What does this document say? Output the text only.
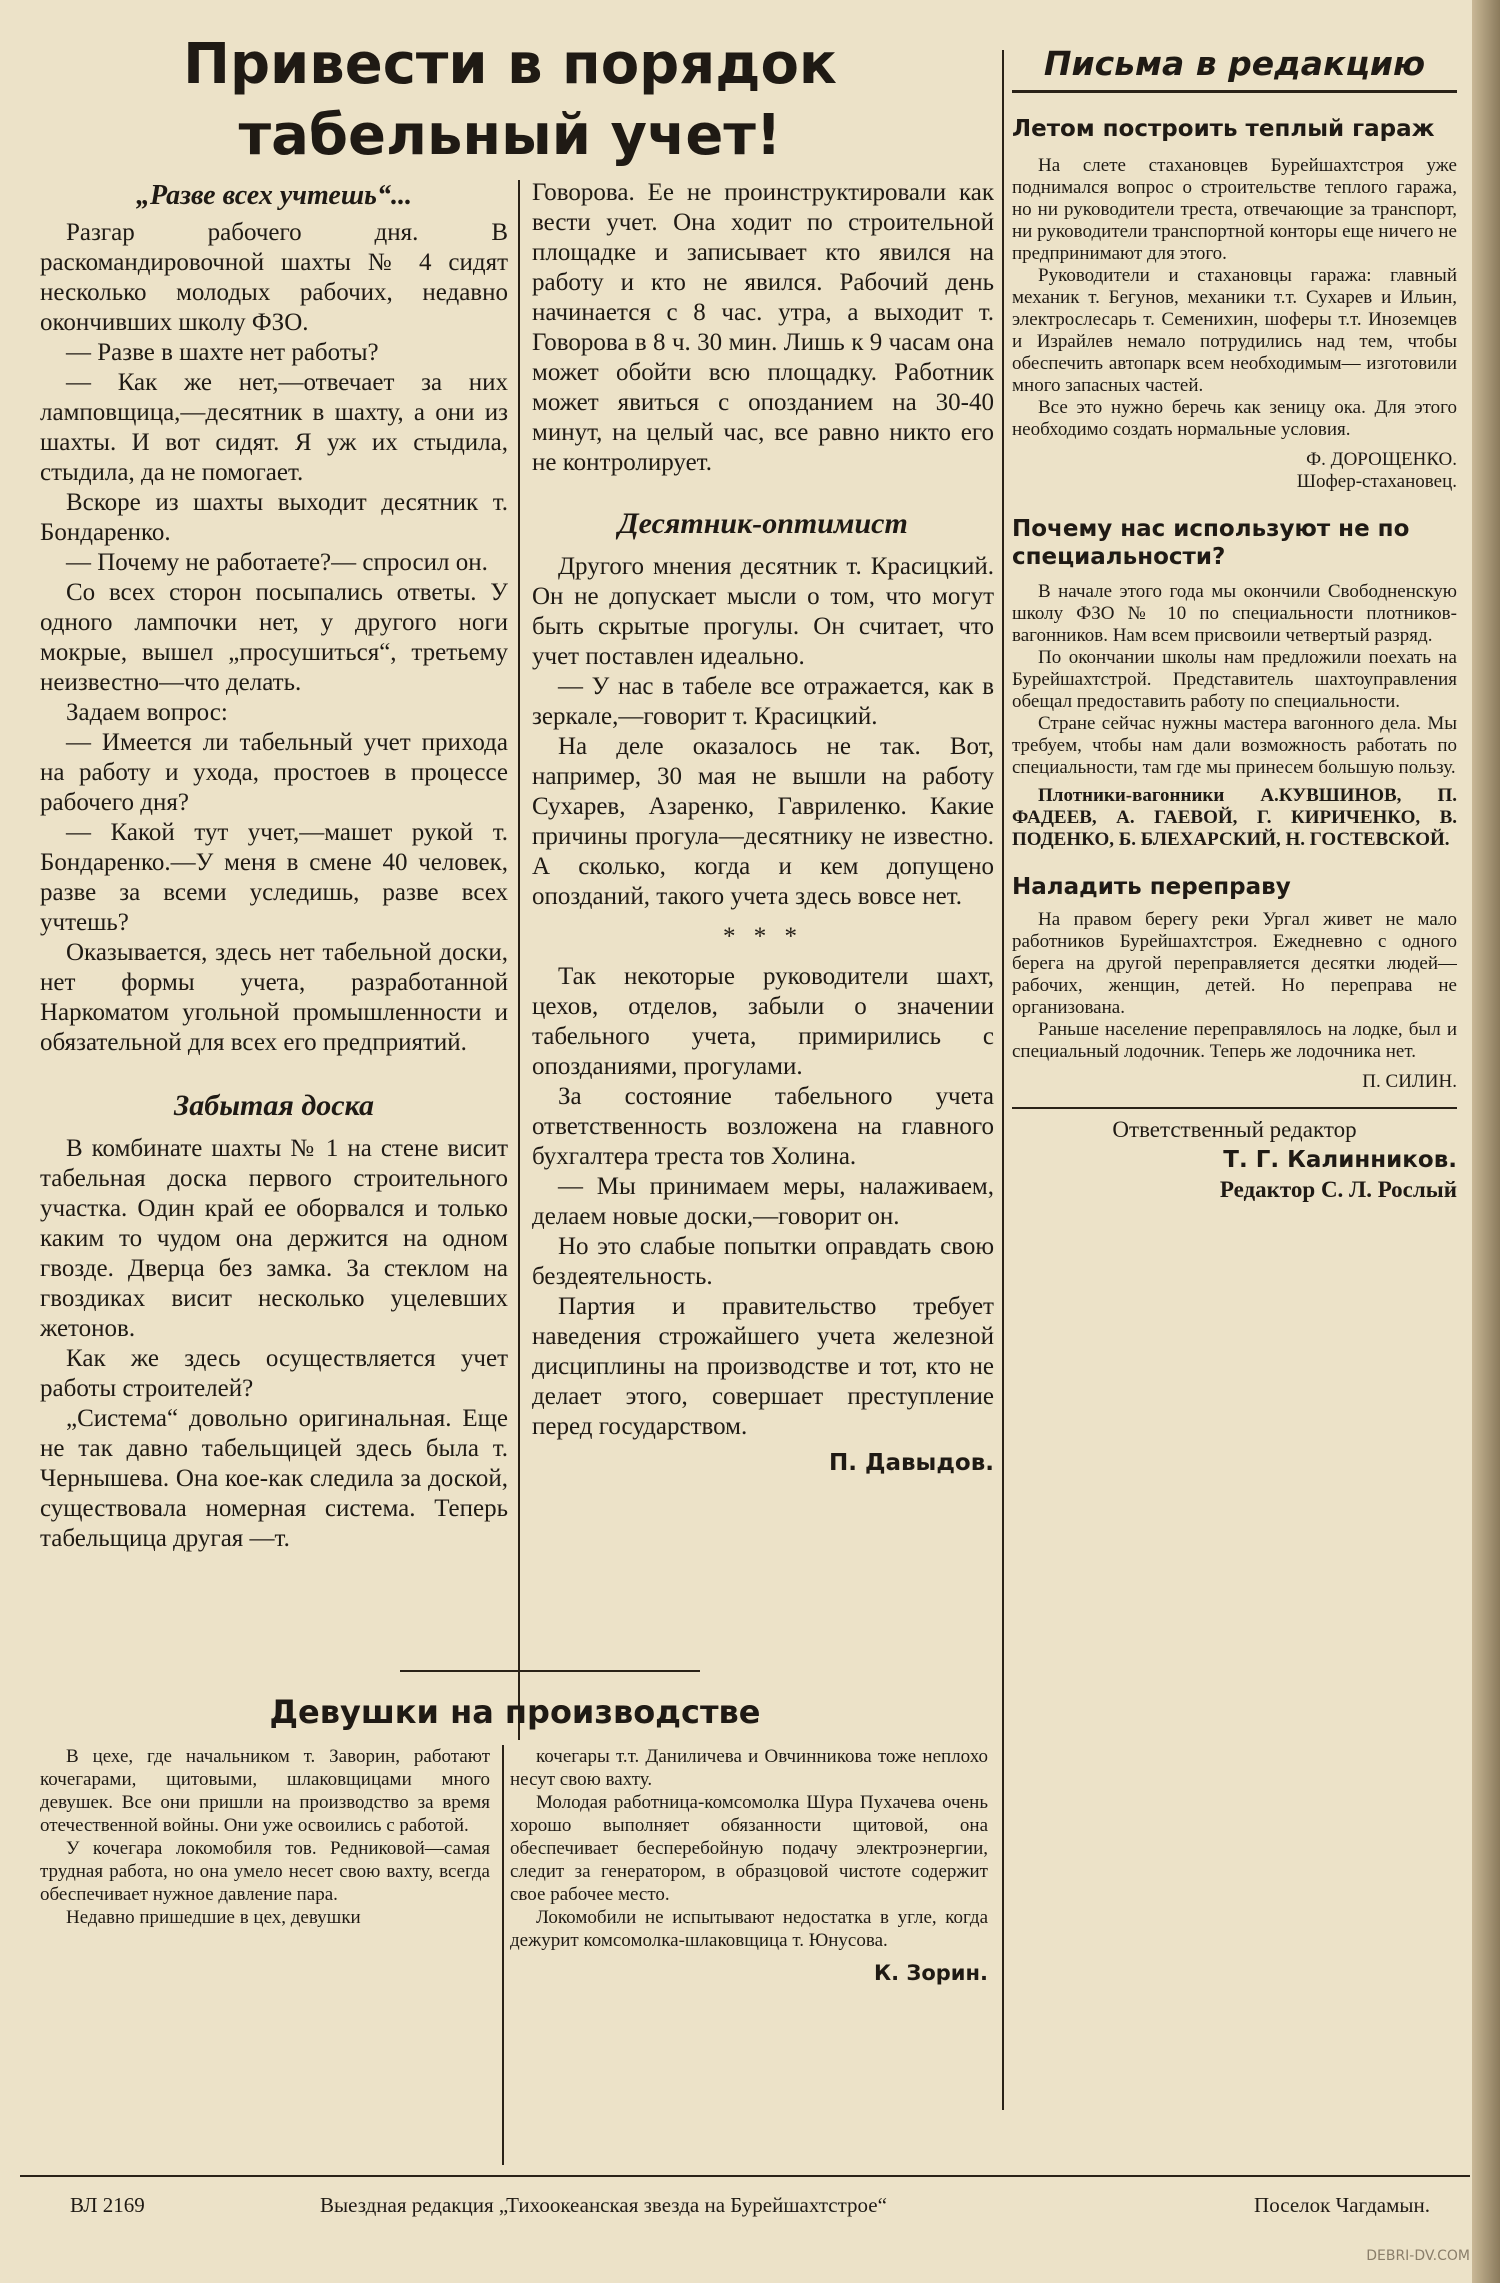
Привести в порядок
табельный учет!
„Разве всех учтешь“...

Разгар рабочего дня. В раскомандировочной шахты № 4 сидят несколько молодых рабочих, недавно окончивших школу ФЗО.

— Разве в шахте нет работы?

— Как же нет,—отвечает за них ламповщица,—десятник в шахту, а они из шахты. И вот сидят. Я уж их стыдила, стыдила, да не помогает.

Вскоре из шахты выходит десятник т. Бондаренко.

— Почему не работаете?— спросил он.

Со всех сторон посыпались ответы. У одного лампочки нет, у другого ноги мокрые, вышел „просушиться“, третьему неизвестно—что делать.

Задаем вопрос:

— Имеется ли табельный учет прихода на работу и ухода, простоев в процессе рабочего дня?

— Какой тут учет,—машет рукой т. Бондаренко.—У меня в смене 40 человек, разве за всеми уследишь, разве всех учтешь?

Оказывается, здесь нет табельной доски, нет формы учета, разработанной Наркоматом угольной промышленности и обязательной для всех его предприятий.

Забытая доска

В комбинате шахты № 1 на стене висит табельная доска первого строительного участка. Один край ее оборвался и только каким то чудом она держится на одном гвозде. Дверца без замка. За стеклом на гвоздиках висит несколько уцелевших жетонов.

Как же здесь осуществляется учет работы строителей?

„Система“ довольно оригинальная. Еще не так давно табельщицей здесь была т. Чернышева. Она кое-как следила за доской, существовала номерная система. Теперь табельщица другая —т.

Говорова. Ее не проинструктировали как вести учет. Она ходит по строительной площадке и записывает кто явился на работу и кто не явился. Рабочий день начинается с 8 час. утра, а выходит т. Говорова в 8 ч. 30 мин. Лишь к 9 часам она может обойти всю площадку. Работник может явиться с опозданием на 30-40 минут, на целый час, все равно никто его не контролирует.

Десятник-оптимист

Другого мнения десятник т. Красицкий. Он не допускает мысли о том, что могут быть скрытые прогулы. Он считает, что учет поставлен идеально.

— У нас в табеле все отражается, как в зеркале,—говорит т. Красицкий.

На деле оказалось не так. Вот, например, 30 мая не вышли на работу Сухарев, Азаренко, Гавриленко. Какие причины прогула—десятнику не известно. А сколько, когда и кем допущено опозданий, такого учета здесь вовсе нет.

* * *

Так некоторые руководители шахт, цехов, отделов, забыли о значении табельного учета, примирились с опозданиями, прогулами.

За состояние табельного учета ответственность возложена на главного бухгалтера треста тов Холина.

— Мы принимаем меры, налаживаем, делаем новые доски,—говорит он.

Но это слабые попытки оправдать свою бездеятельность.

Партия и правительство требует наведения строжайшего учета железной дисциплины на производстве и тот, кто не делает этого, совершает преступление перед государством.

П. Давыдов.

Письма в редакцию
Летом построить теплый гараж

На слете стахановцев Бурейшахтстроя уже поднимался вопрос о строительстве теплого гаража, но ни руководители треста, отвечающие за транспорт, ни руководители транспортной конторы еще ничего не предпринимают для этого.

Руководители и стахановцы гаража: главный механик т. Бегунов, механики т.т. Сухарев и Ильин, электрослесарь т. Семенихин, шоферы т.т. Иноземцев и Израйлев немало потрудились над тем, чтобы обеспечить автопарк всем необходимым— изготовили много запасных частей.

Все это нужно беречь как зеницу ока. Для этого необходимо создать нормальные условия.

Ф. ДОРОЩЕНКО.

Шофер-стахановец.

Почему нас используют не по специальности?

В начале этого года мы окончили Свободненскую школу ФЗО № 10 по специальности плотников-вагонников. Нам всем присвоили четвертый разряд.

По окончании школы нам предложили поехать на Бурейшахтстрой. Представитель шахтоуправления обещал предоставить работу по специальности.

Стране сейчас нужны мастера вагонного дела. Мы требуем, чтобы нам дали возможность работать по специальности, там где мы принесем большую пользу.

Плотники-вагонники А.КУВШИНОВ, П. ФАДЕЕВ, А. ГАЕВОЙ, Г. КИРИЧЕНКО, В. ПОДЕНКО, Б. БЛЕХАРСКИЙ, Н. ГОСТЕВСКОЙ.

Наладить переправу

На правом берегу реки Ургал живет не мало работников Бурейшахтстроя. Ежедневно с одного берега на другой переправляется десятки людей—рабочих, женщин, детей. Но переправа не организована.

Раньше население переправлялось на лодке, был и специальный лодочник. Теперь же лодочника нет.

П. СИЛИН.

Ответственный редактор
Т. Г. Калинников.
Редактор С. Л. Рослый
Девушки на производстве

В цехе, где начальником т. Заворин, работают кочегарами, щитовыми, шлаковщицами много девушек. Все они пришли на производство за время отечественной войны. Они уже освоились с работой.

У кочегара локомобиля тов. Редниковой—самая трудная работа, но она умело несет свою вахту, всегда обеспечивает нужное давление пара.

Недавно пришедшие в цех, девушки

кочегары т.т. Даниличева и Овчинникова тоже неплохо несут свою вахту.

Молодая работница-комсомолка Шура Пухачева очень хорошо выполняет обязанности щитовой, она обеспечивает бесперебойную подачу электроэнергии, следит за генератором, в образцовой чистоте содержит свое рабочее место.

Локомобили не испытывают недостатка в угле, когда дежурит комсомолка-шлаковщица т. Юнусова.

К. Зорин.

ВЛ 2169	Выездная редакция „Тихоокеанская звезда на Бурейшахтстрое“	Поселок Чагдамын.
DEBRI-DV.COM
